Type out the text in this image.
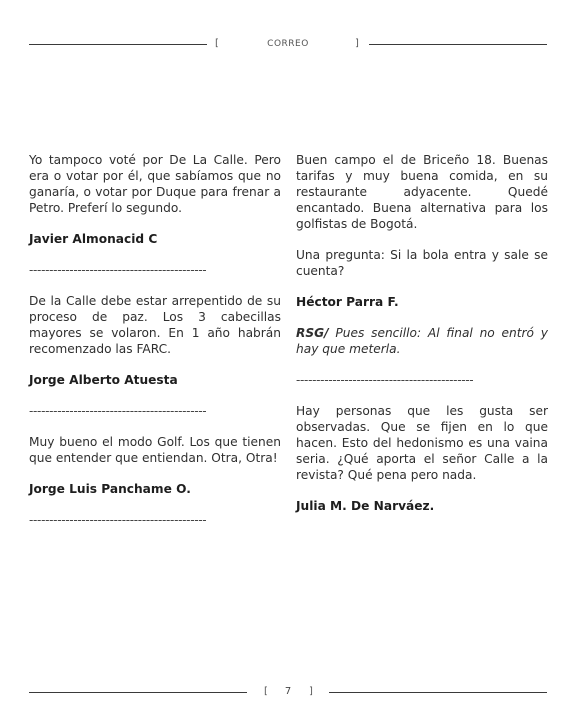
[	CORREO	]

Yo tampoco voté por De La Calle. Pero era o votar por él, que sabíamos que no ganaría, o votar por Duque para frenar a Petro. Preferí lo segundo.

Javier Almonacid C

--------------------------------------------

De la Calle debe estar arrepentido de su proceso de paz. Los 3 cabecillas mayores se volaron. En 1 año habrán recomenzado las FARC.

Jorge Alberto Atuesta

--------------------------------------------

Muy bueno el modo Golf. Los que tienen que entender que entiendan. Otra, Otra!

Jorge Luis Panchame O.

--------------------------------------------

Buen campo el de Briceño 18. Buenas tarifas y muy buena comida, en su restaurante adyacente. Quedé encantado. Buena alternativa para los golfistas de Bogotá.

Una pregunta: Si la bola entra y sale se cuenta?

Héctor Parra F.

RSG/ Pues sencillo: Al final no entró y hay que meterla.

--------------------------------------------

Hay personas que les gusta ser observadas. Que se fijen en lo que hacen. Esto del hedonismo es una vaina seria. ¿Qué aporta el señor Calle a la revista? Qué pena pero nada.

Julia M. De Narváez.

[	7	]
